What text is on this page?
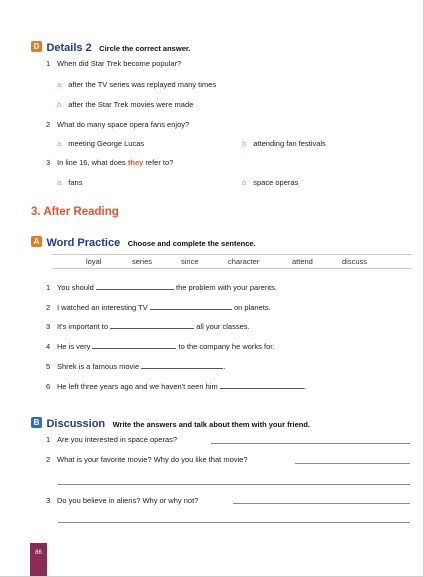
D Details 2 Circle the correct answer.
1 When did Star Trek become popular?
a. after the TV series was replayed many times
b. after the Star Trek movies were made
2 What do many space opera fans enjoy?
a. meeting George Lucas	b. attending fan festivals
3 In line 16, what does they refer to?
a. fans	b. space operas
3. After Reading
A Word Practice Choose and complete the sentence.
loyal	series	since	character	attend	discuss
1 You should	the problem with your parents.
2 I watched an interesting TV	on planets.
3 It's important to	all your classes.
4 He is very	to the company he works for.
5 Shrek is a famous movie	.
6 He left three years ago and we haven't seen him	.
B Discussion Write the answers and talk about them with your friend.
1 Are you interested in space operas?
2 What is your favorite movie? Why do you like that movie?
3 Do you believe in aliens? Why or why not?
86
